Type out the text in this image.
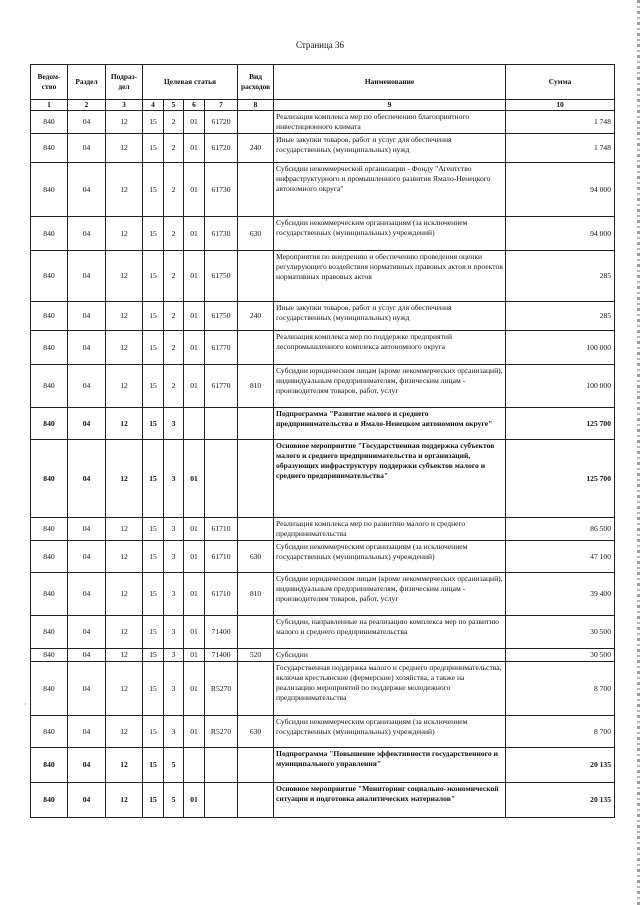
Страница 36
·
Ведом-ство	Раздел	Подраз-дел	Целевая статья				Вид расходов	Наименование	Сумма
1	2	3	4	5	6	7	8	9	10
840	04	12	15	2	01	61720		Реализация комплекса мер по обеспечению благоприятного инвестиционного климата	1 748
840	04	12	15	2	01	61720	240	Иные закупки товаров, работ и услуг для обеспечения государственных (муниципальных) нужд	1 748
840	04	12	15	2	01	61730		Субсидии некоммерческой организации - Фонду "Агентство инфраструктурного и промышленного развития Ямало-Ненецкого автономного округа"	94 000
840	04	12	15	2	01	61730	630	Субсидии некоммерческим организациям (за исключением государственных (муниципальных) учреждений)	94 000
840	04	12	15	2	01	61750		Мероприятия по внедрению и обеспечению проведения оценки регулирующего воздействия нормативных правовых актов и проектов нормативных правовых актов	285
840	04	12	15	2	01	61750	240	Иные закупки товаров, работ и услуг для обеспечения государственных (муниципальных) нужд	285
840	04	12	15	2	01	61770		Реализация комплекса мер по поддержке предприятий лесопромышленного комплекса автономного округа	100 000
840	04	12	15	2	01	61770	810	Субсидии юридическим лицам (кроме некоммерческих организаций), индивидуальным предпринимателям, физическим лицам - производителям товаров, работ, услуг	100 000
840	04	12	15	3				Подпрограмма "Развитие малого и среднего предпринимательства в Ямало-Ненецком автономном округе"	125 700
840	04	12	15	3	01			Основное мероприятие "Государственная поддержка субъектов малого и среднего предпринимательства и организаций, образующих инфраструктуру поддержки субъектов малого и среднего предпринимательства"	125 700
840	04	12	15	3	01	61710		Реализация комплекса мер по развитию малого и среднего предпринимательства	86 500
840	04	12	15	3	01	61710	630	Субсидии некоммерческим организациям (за исключением государственных (муниципальных) учреждений)	47 100
840	04	12	15	3	01	61710	810	Субсидии юридическим лицам (кроме некоммерческих организаций), индивидуальным предпринимателям, физическим лицам - производителям товаров, работ, услуг	39 400
840	04	12	15	3	01	71400		Субсидии, направленные на реализацию комплекса мер по развитию малого и среднего предпринимательства	30 500
840	04	12	15	3	01	71400	520	Субсидии	30 500
840	04	12	15	3	01	R5270		Государственная поддержка малого и среднего предпринимательства, включая крестьянские (фермерские) хозяйства, а также на реализацию мероприятий по поддержке молодежного предпринимательства	8 700
840	04	12	15	3	01	R5270	630	Субсидии некоммерческим организациям (за исключением государственных (муниципальных) учреждений)	8 700
840	04	12	15	5				Подпрограмма "Повышение эффективности государственного и муниципального управления"	20 135
840	04	12	15	5	01			Основное мероприятие "Мониторинг социально-экономической ситуации и подготовка аналитических материалов"	20 135
